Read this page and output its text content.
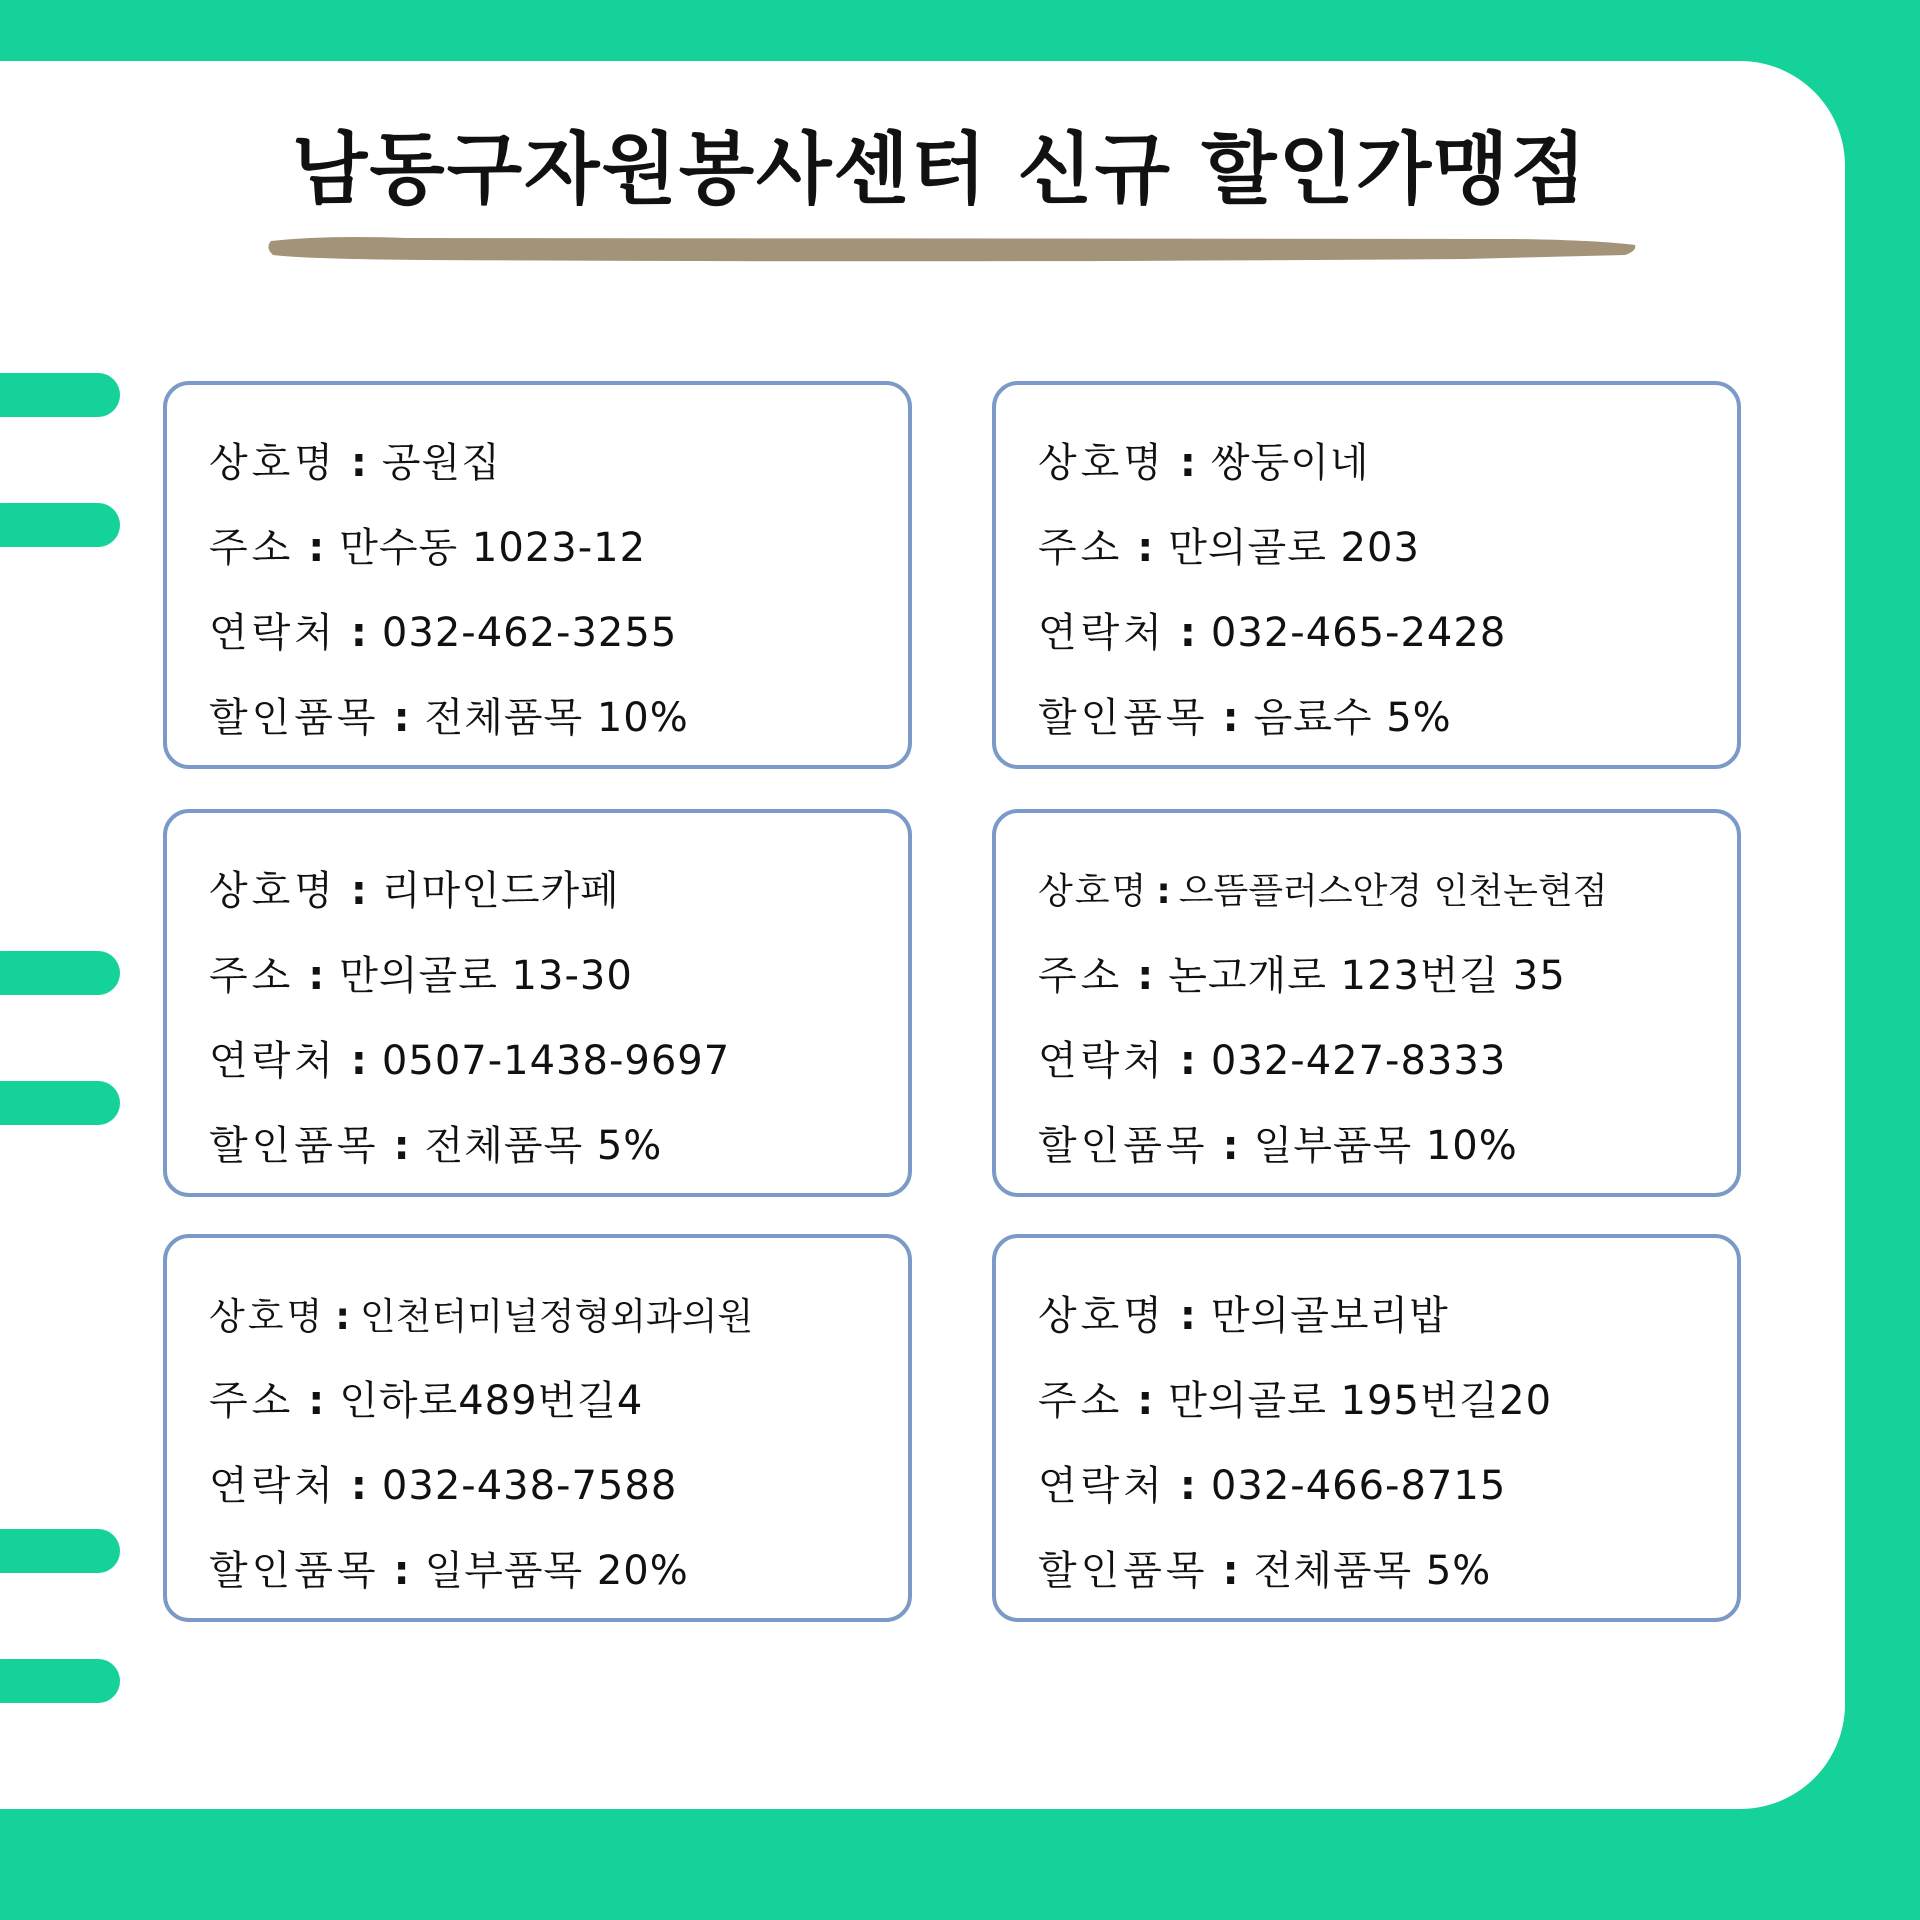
남동구자원봉사센터 신규 할인가맹점
상호명 : 공원집
주소 : 만수동 1023-12
연락처 : 032-462-3255
할인품목 : 전체품목 10%
상호명 : 쌍둥이네
주소 : 만의골로 203
연락처 : 032-465-2428
할인품목 : 음료수 5%
상호명 : 리마인드카페
주소 : 만의골로 13-30
연락처 : 0507-1438-9697
할인품목 : 전체품목 5%
상호명 : 으뜸플러스안경 인천논현점
주소 : 논고개로 123번길 35
연락처 : 032-427-8333
할인품목 : 일부품목 10%
상호명 : 인천터미널정형외과의원
주소 : 인하로489번길4
연락처 : 032-438-7588
할인품목 : 일부품목 20%
상호명 : 만의골보리밥
주소 : 만의골로 195번길20
연락처 : 032-466-8715
할인품목 : 전체품목 5%
